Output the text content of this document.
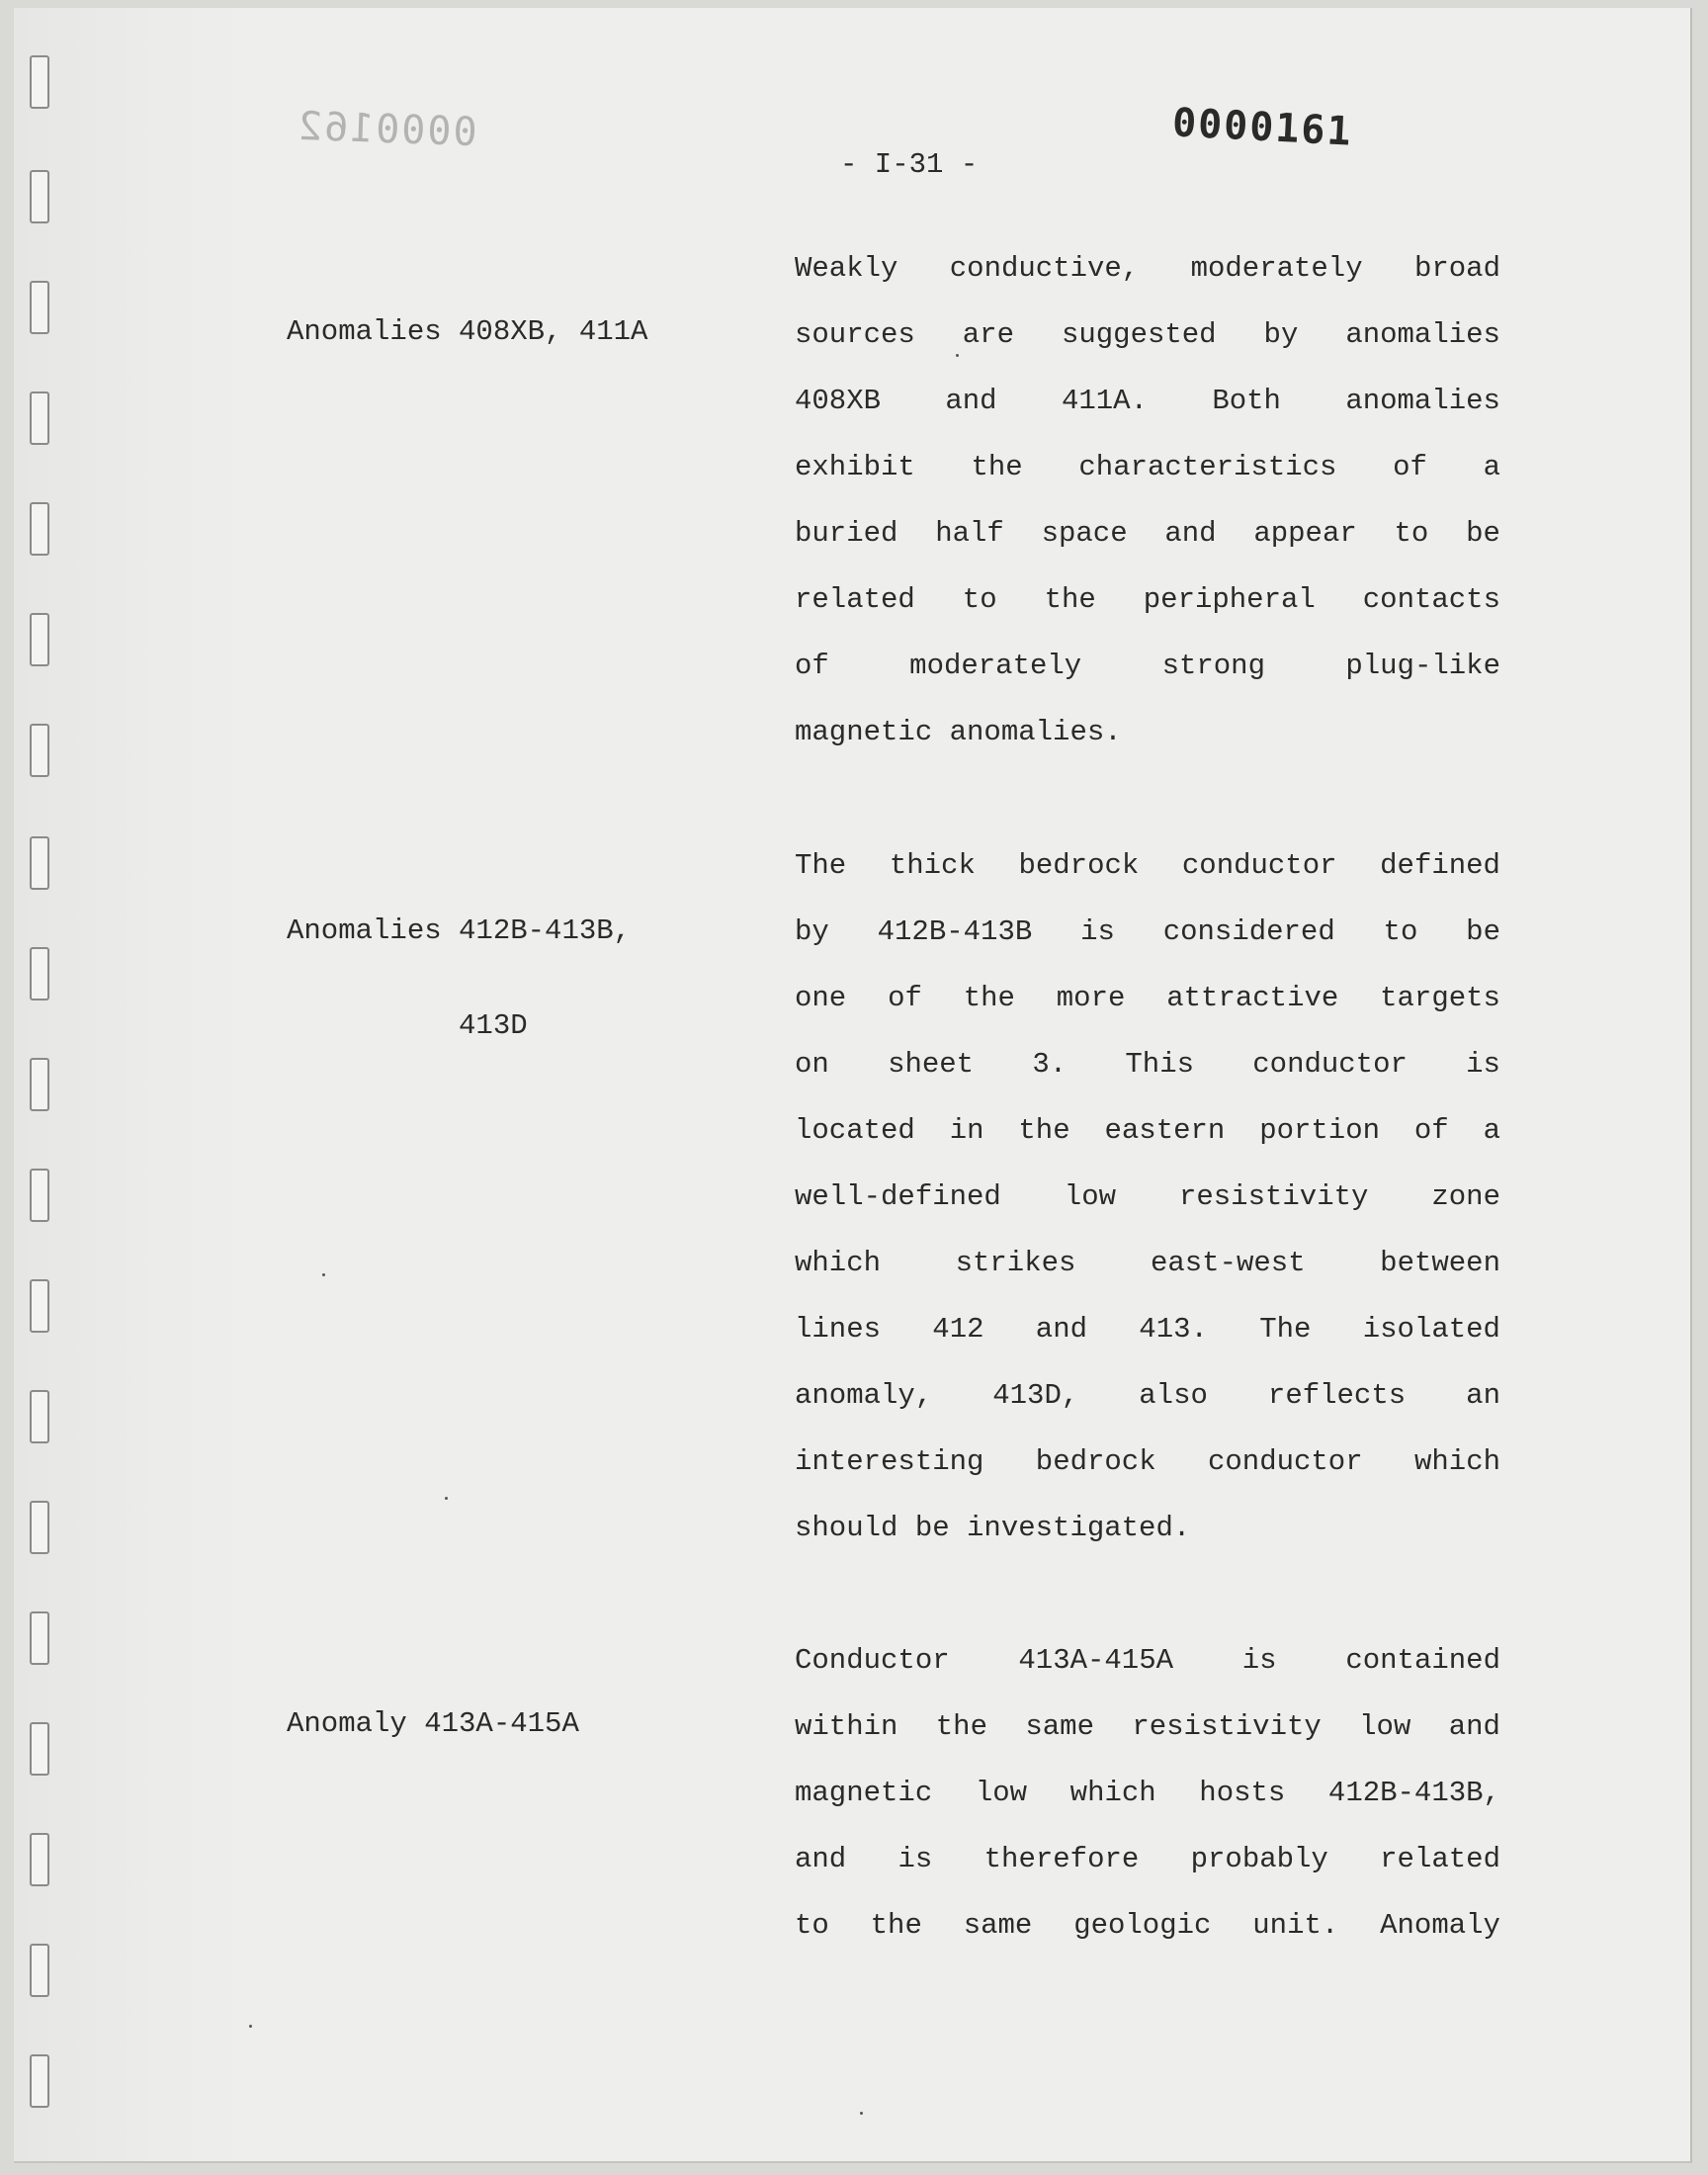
0000161
0000162
- I-31 -

Anomalies 408XB, 411A

Weakly conductive, moderately broad
sources are suggested by anomalies
408XB and 411A. Both anomalies
exhibit the characteristics of a
buried half space and appear to be
related to the peripheral contacts
of	moderately	strong	plug-like
magnetic anomalies.

Anomalies 412B-413B,

413D

The thick bedrock conductor defined
by 412B-413B is considered to be
one of the more attractive targets
on sheet 3. This conductor is
located in the eastern portion of a
well-defined low resistivity zone
which	strikes	east-west	between
lines 412 and 413. The isolated
anomaly, 413D, also reflects an
interesting bedrock conductor which
should be investigated.

Anomaly 413A-415A

Conductor 413A-415A is contained
within the same resistivity low and
magnetic low which hosts 412B-413B,
and is therefore probably related
to the same geologic unit. Anomaly
